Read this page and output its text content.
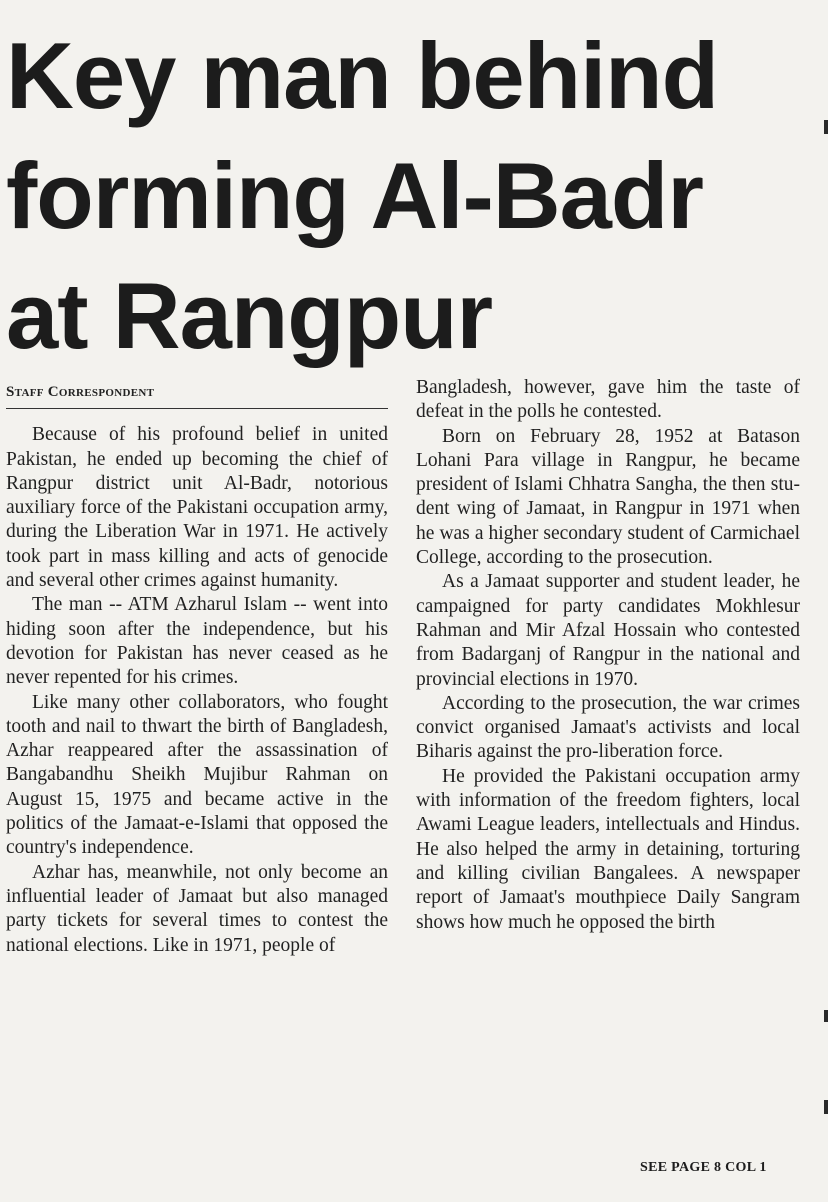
Key man behind
forming Al-Badr
at Rangpur
Staff Correspondent

Because of his profound belief in united Pakistan, he ended up becoming the chief of Rangpur district unit Al-Badr, notorious auxiliary force of the Pakistani occupation army, during the Liberation War in 1971. He actively took part in mass killing and acts of genocide and several other crimes against humanity.

The man -- ATM Azharul Islam -- went into hiding soon after the independence, but his devotion for Pakistan has never ceased as he never repented for his crimes.

Like many other collaborators, who fought tooth and nail to thwart the birth of Bangladesh, Azhar reappeared after the assassination of Bangabandhu Sheikh Mujibur Rahman on August 15, 1975 and became active in the politics of the Jamaat-e-Islami that opposed the country's independence.

Azhar has, meanwhile, not only become an influential leader of Jamaat but also managed party tickets for several times to contest the national elections. Like in 1971, people of

Bangladesh, however, gave him the taste of defeat in the polls he contested.

Born on February 28, 1952 at Batason Lohani Para village in Rangpur, he became president of Islami Chhatra Sangha, the then student wing of Jamaat, in Rangpur in 1971 when he was a higher secondary student of Carmichael College, according to the prosecution.

As a Jamaat supporter and student leader, he campaigned for party candidates Mokhlesur Rahman and Mir Afzal Hossain who contested from Badarganj of Rangpur in the national and provincial elections in 1970.

According to the prosecution, the war crimes convict organised Jamaat's activists and local Biharis against the pro-liberation force.

He provided the Pakistani occupation army with information of the freedom fighters, local Awami League leaders, intellectuals and Hindus. He also helped the army in detaining, torturing and killing civilian Bangalees. A newspaper report of Jamaat's mouthpiece Daily Sangram shows how much he opposed the birth

SEE PAGE 8 COL 1
